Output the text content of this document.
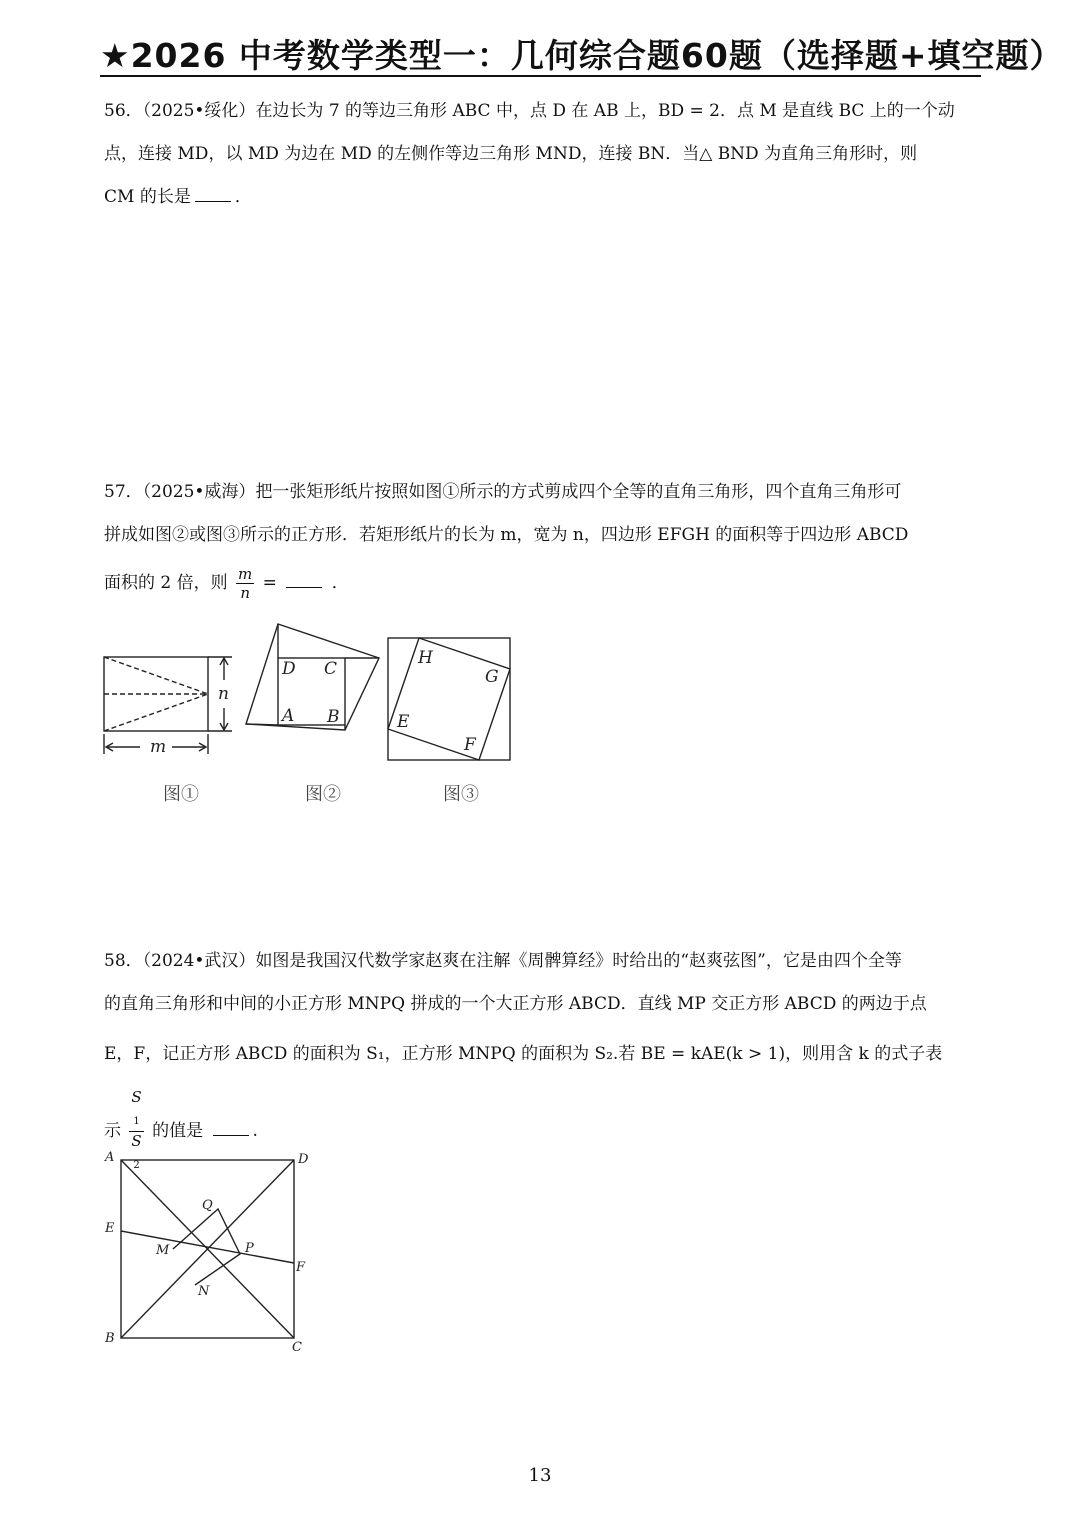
★2026 中考数学类型一：几何综合题60题（选择题+填空题）

56．（2025•绥化）在边长为 7 的等边三角形 ABC 中，点 D 在 AB 上，BD = 2．点 M 是直线 BC 上的一个动

点，连接 MD，以 MD 为边在 MD 的左侧作等边三角形 MND，连接 BN．当△ BND 为直角三角形时，则

CM 的长是	．

57．（2025•威海）把一张矩形纸片按照如图①所示的方式剪成四个全等的直角三角形，四个直角三角形可

拼成如图②或图③所示的正方形．若矩形纸片的长为 m，宽为 n，四边形 EFGH 的面积等于四边形 ABCD

面积的 2 倍，则 $\frac{m}{n}$ =	．

n
m
图①
D C
A B
图②
H
G
E
F
图③

58．（2024•武汉）如图是我国汉代数学家赵爽在注解《周髀算经》时给出的“赵爽弦图”，它是由四个全等

的直角三角形和中间的小正方形 MNPQ 拼成的一个大正方形 ABCD．直线 MP 交正方形 ABCD 的两边于点

E，F，记正方形 ABCD 的面积为 S₁，正方形 MNPQ 的面积为 S₂.若 BE = kAE(k > 1)，则用含 k 的式子表

示 S
$_1$
S
$_2$ 的值是	.

A	D
E
Q
M	P
F
N
B
C
13
